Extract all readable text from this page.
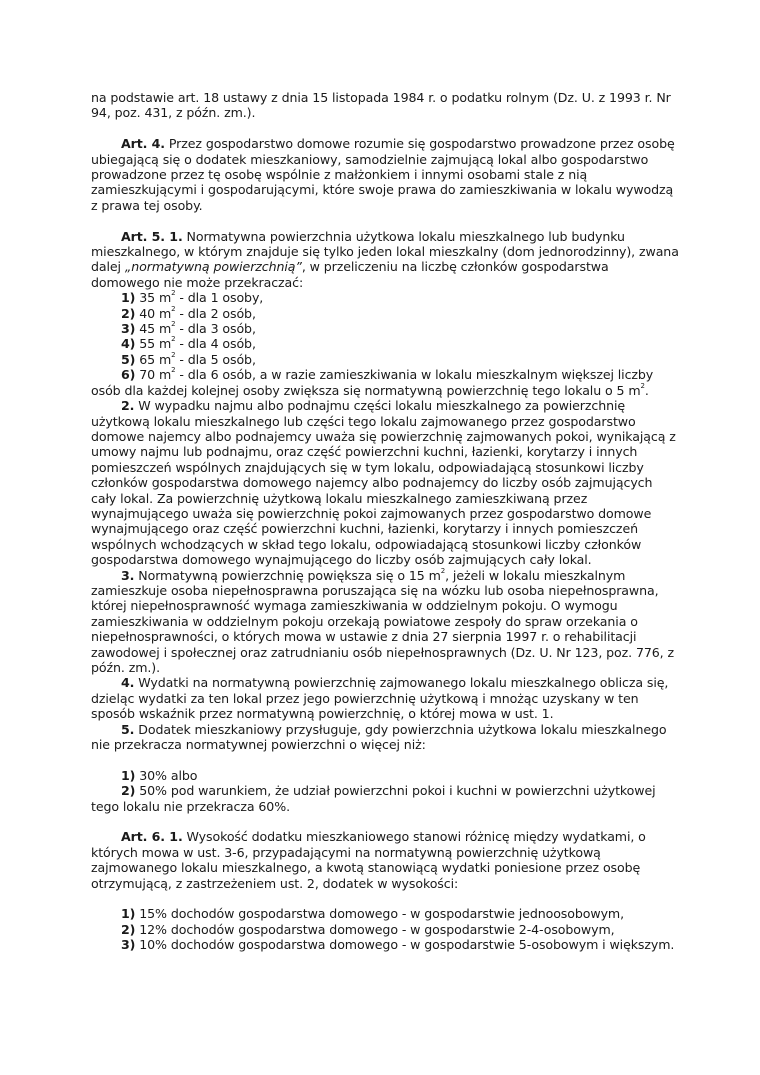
na podstawie art. 18 ustawy z dnia 15 listopada 1984 r. o podatku rolnym (Dz. U. z 1993 r. Nr 94, poz. 431, z późn. zm.).

Art. 4. Przez gospodarstwo domowe rozumie się gospodarstwo prowadzone przez osobę ubiegającą się o dodatek mieszkaniowy, samodzielnie zajmującą lokal albo gospodarstwo prowadzone przez tę osobę wspólnie z małżonkiem i innymi osobami stale z nią zamieszkującymi i gospodarującymi, które swoje prawa do zamieszkiwania w lokalu wywodzą z prawa tej osoby.

Art. 5. 1. Normatywna powierzchnia użytkowa lokalu mieszkalnego lub budynku mieszkalnego, w którym znajduje się tylko jeden lokal mieszkalny (dom jednorodzinny), zwana dalej „normatywną powierzchnią”, w przeliczeniu na liczbę członków gospodarstwa domowego nie może przekraczać:

1) 35 $m^2$ - dla 1 osoby,

2) 40 $m^2$ - dla 2 osób,

3) 45 $m^2$ - dla 3 osób,

4) 55 $m^2$ - dla 4 osób,

5) 65 $m^2$ - dla 5 osób,

6) 70 $m^2$ - dla 6 osób, a w razie zamieszkiwania w lokalu mieszkalnym większej liczby osób dla każdej kolejnej osoby zwiększa się normatywną powierzchnię tego lokalu o 5 $m^2$.

2. W wypadku najmu albo podnajmu części lokalu mieszkalnego za powierzchnię użytkową lokalu mieszkalnego lub części tego lokalu zajmowanego przez gospodarstwo domowe najemcy albo podnajemcy uważa się powierzchnię zajmowanych pokoi, wynikającą z umowy najmu lub podnajmu, oraz część powierzchni kuchni, łazienki, korytarzy i innych pomieszczeń wspólnych znajdujących się w tym lokalu, odpowiadającą stosunkowi liczby członków gospodarstwa domowego najemcy albo podnajemcy do liczby osób zajmujących cały lokal. Za powierzchnię użytkową lokalu mieszkalnego zamieszkiwaną przez wynajmującego uważa się powierzchnię pokoi zajmowanych przez gospodarstwo domowe wynajmującego oraz część powierzchni kuchni, łazienki, korytarzy i innych pomieszczeń wspólnych wchodzących w skład tego lokalu, odpowiadającą stosunkowi liczby członków gospodarstwa domowego wynajmującego do liczby osób zajmujących cały lokal.

3. Normatywną powierzchnię powiększa się o 15 $m^2$, jeżeli w lokalu mieszkalnym zamieszkuje osoba niepełnosprawna poruszająca się na wózku lub osoba niepełnosprawna, której niepełnosprawność wymaga zamieszkiwania w oddzielnym pokoju. O wymogu zamieszkiwania w oddzielnym pokoju orzekają powiatowe zespoły do spraw orzekania o niepełnosprawności, o których mowa w ustawie z dnia 27 sierpnia 1997 r. o rehabilitacji zawodowej i społecznej oraz zatrudnianiu osób niepełnosprawnych (Dz. U. Nr 123, poz. 776, z późn. zm.).

4. Wydatki na normatywną powierzchnię zajmowanego lokalu mieszkalnego oblicza się, dzieląc wydatki za ten lokal przez jego powierzchnię użytkową i mnożąc uzyskany w ten sposób wskaźnik przez normatywną powierzchnię, o której mowa w ust. 1.

5. Dodatek mieszkaniowy przysługuje, gdy powierzchnia użytkowa lokalu mieszkalnego nie przekracza normatywnej powierzchni o więcej niż:

1) 30% albo

2) 50% pod warunkiem, że udział powierzchni pokoi i kuchni w powierzchni użytkowej tego lokalu nie przekracza 60%.

Art. 6. 1. Wysokość dodatku mieszkaniowego stanowi różnicę między wydatkami, o których mowa w ust. 3-6, przypadającymi na normatywną powierzchnię użytkową zajmowanego lokalu mieszkalnego, a kwotą stanowiącą wydatki poniesione przez osobę otrzymującą, z zastrzeżeniem ust. 2, dodatek w wysokości:

1) 15% dochodów gospodarstwa domowego - w gospodarstwie jednoosobowym,

2) 12% dochodów gospodarstwa domowego - w gospodarstwie 2-4-osobowym,

3) 10% dochodów gospodarstwa domowego - w gospodarstwie 5-osobowym i większym.
